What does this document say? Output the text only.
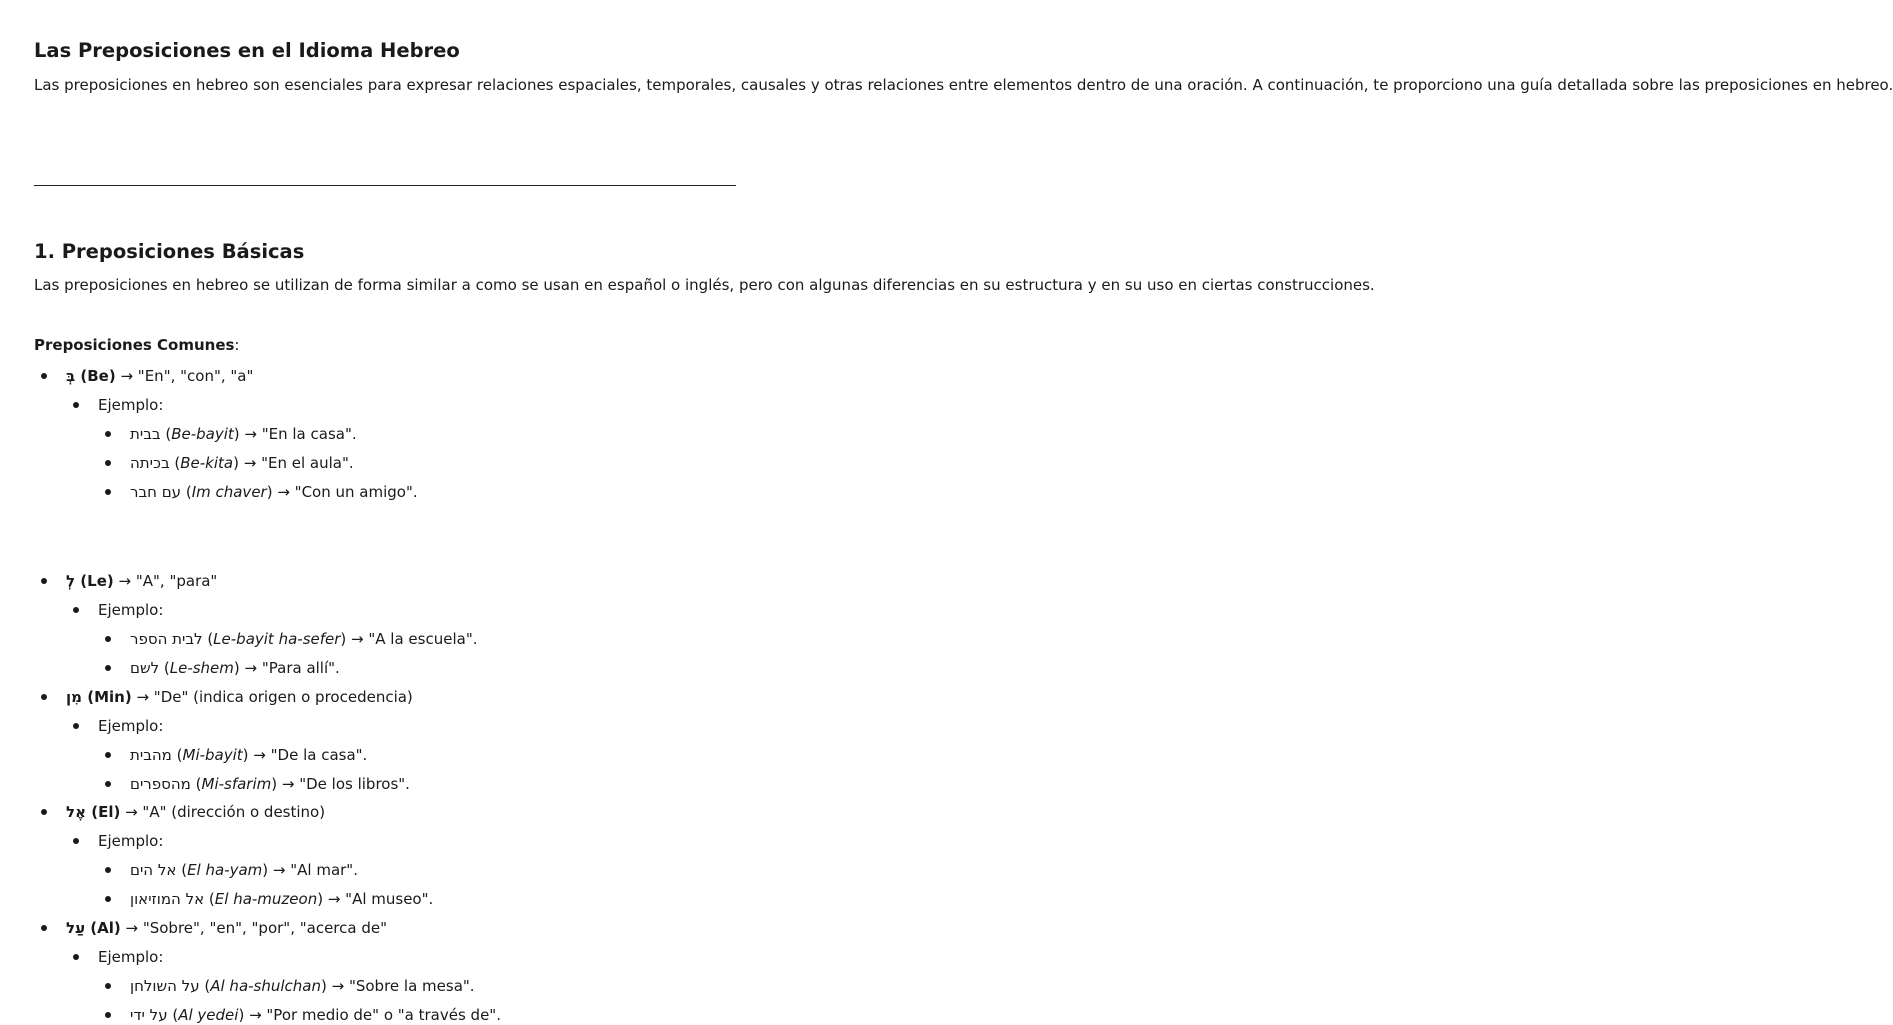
Las Preposiciones en el Idioma Hebreo

Las preposiciones en hebreo son esenciales para expresar relaciones espaciales, temporales, causales y otras relaciones entre elementos dentro de una oración. A continuación, te proporciono una guía detallada sobre las preposiciones en hebreo.

1. Preposiciones Básicas

Las preposiciones en hebreo se utilizan de forma similar a como se usan en español o inglés, pero con algunas diferencias en su estructura y en su uso en ciertas construcciones.

Preposiciones Comunes:
בְּ (Be) → "En", "con", "a"
Ejemplo:
בבית (Be-bayit) → "En la casa".
בכיתה (Be-kita) → "En el aula".
עם חבר (Im chaver) → "Con un amigo".
לְ (Le) → "A", "para"
Ejemplo:
לבית הספר (Le-bayit ha-sefer) → "A la escuela".
לשם (Le-shem) → "Para allí".
מִן (Min) → "De" (indica origen o procedencia)
Ejemplo:
מהבית (Mi-bayit) → "De la casa".
מהספרים (Mi-sfarim) → "De los libros".
אֶל (El) → "A" (dirección o destino)
Ejemplo:
אל הים (El ha-yam) → "Al mar".
אל המוזיאון (El ha-muzeon) → "Al museo".
עַל (Al) → "Sobre", "en", "por", "acerca de"
Ejemplo:
על השולחן (Al ha-shulchan) → "Sobre la mesa".
על ידי (Al yedei) → "Por medio de" o "a través de".
